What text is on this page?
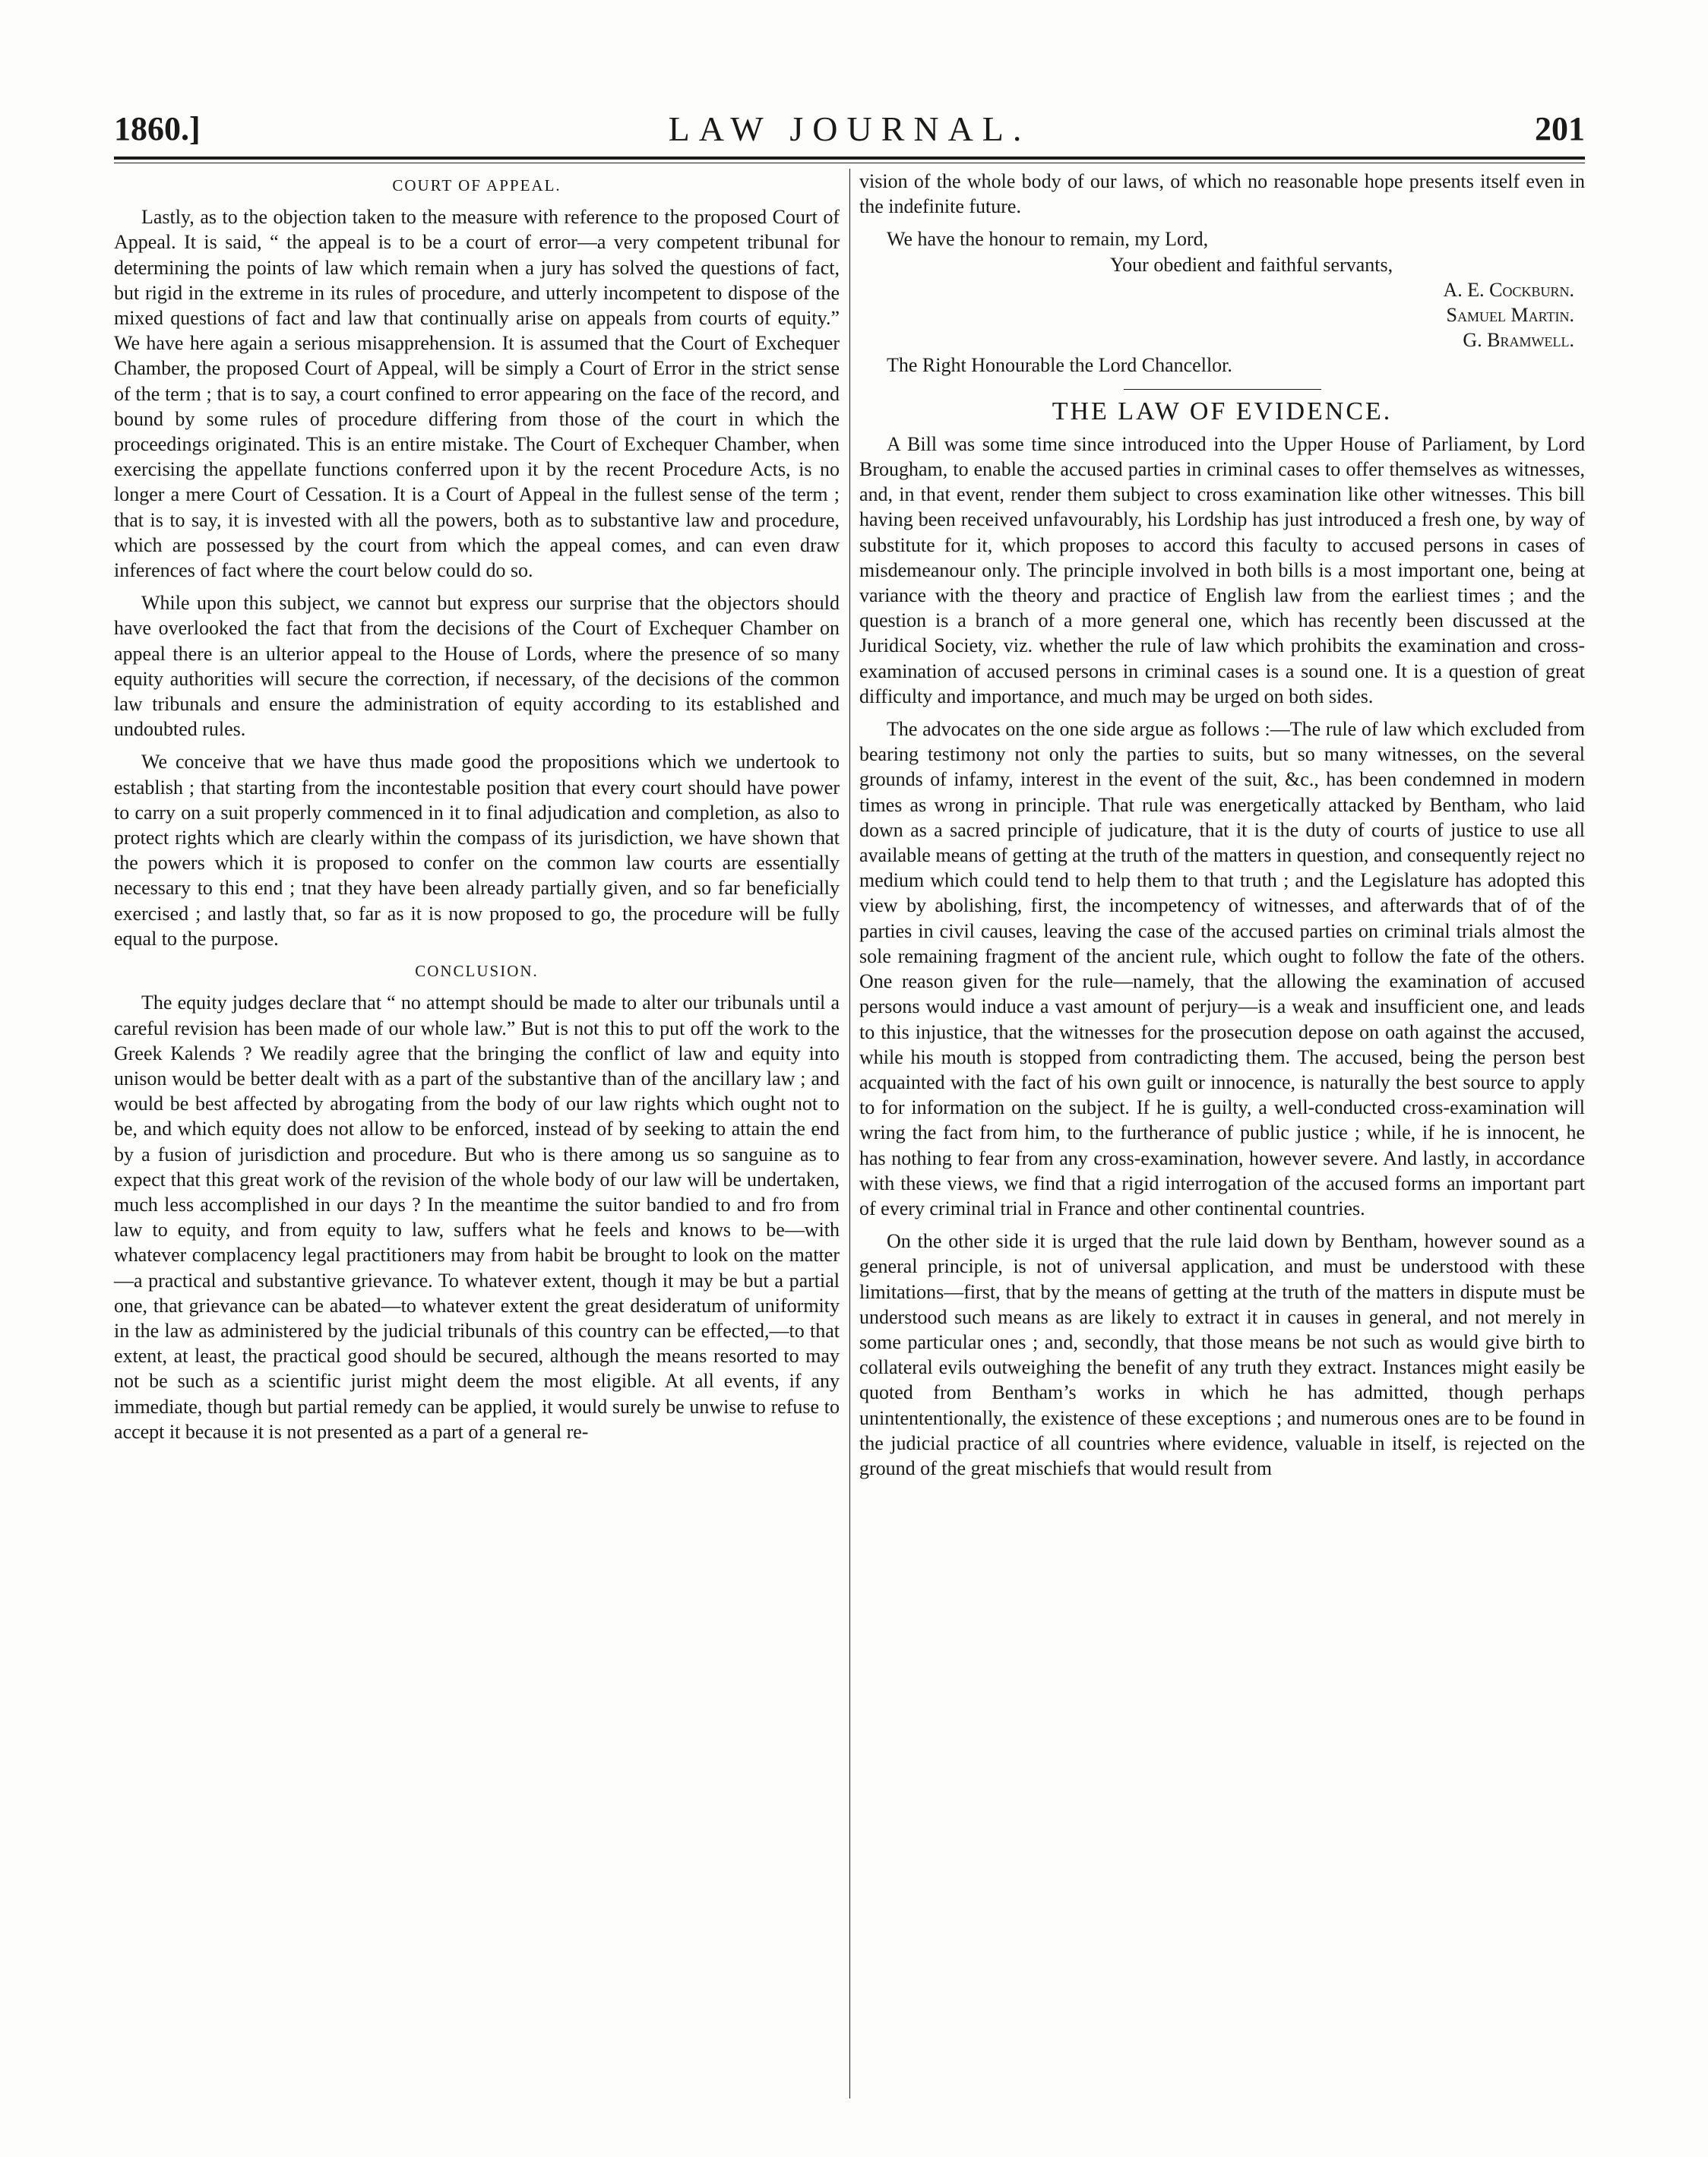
1860.]	LAW JOURNAL.	201
COURT OF APPEAL.

Lastly, as to the objection taken to the measure with reference to the proposed Court of Appeal. It is said, “ the appeal is to be a court of error—a very competent tribunal for determining the points of law which remain when a jury has solved the questions of fact, but rigid in the extreme in its rules of procedure, and utterly incompetent to dispose of the mixed questions of fact and law that continually arise on appeals from courts of equity.” We have here again a serious misapprehension. It is assumed that the Court of Exchequer Chamber, the proposed Court of Appeal, will be simply a Court of Error in the strict sense of the term ; that is to say, a court confined to error appearing on the face of the record, and bound by some rules of procedure differing from those of the court in which the proceedings originated. This is an entire mistake. The Court of Exchequer Chamber, when exercising the appellate functions conferred upon it by the recent Procedure Acts, is no longer a mere Court of Cessation. It is a Court of Appeal in the fullest sense of the term ; that is to say, it is invested with all the powers, both as to substantive law and procedure, which are possessed by the court from which the appeal comes, and can even draw inferences of fact where the court below could do so.

While upon this subject, we cannot but express our surprise that the objectors should have overlooked the fact that from the decisions of the Court of Exchequer Chamber on appeal there is an ulterior appeal to the House of Lords, where the presence of so many equity authorities will secure the correction, if necessary, of the decisions of the common law tribunals and ensure the administration of equity according to its established and undoubted rules.

We conceive that we have thus made good the propositions which we undertook to establish ; that starting from the incontestable position that every court should have power to carry on a suit properly commenced in it to final adjudication and completion, as also to protect rights which are clearly within the compass of its jurisdiction, we have shown that the powers which it is proposed to confer on the common law courts are essentially necessary to this end ; tnat they have been already partially given, and so far beneficially exercised ; and lastly that, so far as it is now proposed to go, the procedure will be fully equal to the purpose.

CONCLUSION.

The equity judges declare that “ no attempt should be made to alter our tribunals until a careful revision has been made of our whole law.” But is not this to put off the work to the Greek Kalends ? We readily agree that the bringing the conflict of law and equity into unison would be better dealt with as a part of the substantive than of the ancillary law ; and would be best affected by abrogating from the body of our law rights which ought not to be, and which equity does not allow to be enforced, instead of by seeking to attain the end by a fusion of jurisdiction and procedure. But who is there among us so sanguine as to expect that this great work of the revision of the whole body of our law will be undertaken, much less accomplished in our days ? In the meantime the suitor bandied to and fro from law to equity, and from equity to law, suffers what he feels and knows to be—with whatever complacency legal practitioners may from habit be brought to look on the matter—a practical and substantive grievance. To whatever extent, though it may be but a partial one, that grievance can be abated—to whatever extent the great desideratum of uniformity in the law as administered by the judicial tribunals of this country can be effected,—to that extent, at least, the practical good should be secured, although the means resorted to may not be such as a scientific jurist might deem the most eligible. At all events, if any immediate, though but partial remedy can be applied, it would surely be unwise to refuse to accept it because it is not presented as a part of a general re-

vision of the whole body of our laws, of which no reasonable hope presents itself even in the indefinite future.

We have the honour to remain, my Lord,

Your obedient and faithful servants,

A. E. Cockburn.

Samuel Martin.

G. Bramwell.

The Right Honourable the Lord Chancellor.

THE LAW OF EVIDENCE.

A Bill was some time since introduced into the Upper House of Parliament, by Lord Brougham, to enable the accused parties in criminal cases to offer themselves as witnesses, and, in that event, render them subject to cross examination like other witnesses. This bill having been received unfavourably, his Lordship has just introduced a fresh one, by way of substitute for it, which proposes to accord this faculty to accused persons in cases of misdemeanour only. The principle involved in both bills is a most important one, being at variance with the theory and practice of English law from the earliest times ; and the question is a branch of a more general one, which has recently been discussed at the Juridical Society, viz. whether the rule of law which prohibits the examination and cross-examination of accused persons in criminal cases is a sound one. It is a question of great difficulty and importance, and much may be urged on both sides.

The advocates on the one side argue as follows :—The rule of law which excluded from bearing testimony not only the parties to suits, but so many witnesses, on the several grounds of infamy, interest in the event of the suit, &c., has been condemned in modern times as wrong in principle. That rule was energetically attacked by Bentham, who laid down as a sacred principle of judicature, that it is the duty of courts of justice to use all available means of getting at the truth of the matters in question, and consequently reject no medium which could tend to help them to that truth ; and the Legislature has adopted this view by abolishing, first, the incompetency of witnesses, and afterwards that of of the parties in civil causes, leaving the case of the accused parties on criminal trials almost the sole remaining fragment of the ancient rule, which ought to follow the fate of the others. One reason given for the rule—namely, that the allowing the examination of accused persons would induce a vast amount of perjury—is a weak and insufficient one, and leads to this injustice, that the witnesses for the prosecution depose on oath against the accused, while his mouth is stopped from contradicting them. The accused, being the person best acquainted with the fact of his own guilt or innocence, is naturally the best source to apply to for information on the subject. If he is guilty, a well-conducted cross-examination will wring the fact from him, to the furtherance of public justice ; while, if he is innocent, he has nothing to fear from any cross-examination, however severe. And lastly, in accordance with these views, we find that a rigid interrogation of the accused forms an important part of every criminal trial in France and other continental countries.

On the other side it is urged that the rule laid down by Bentham, however sound as a general principle, is not of universal application, and must be understood with these limitations—first, that by the means of getting at the truth of the matters in dispute must be understood such means as are likely to extract it in causes in general, and not merely in some particular ones ; and, secondly, that those means be not such as would give birth to collateral evils outweighing the benefit of any truth they extract. Instances might easily be quoted from Bentham’s works in which he has admitted, though perhaps unintententionally, the existence of these exceptions ; and numerous ones are to be found in the judicial practice of all countries where evidence, valuable in itself, is rejected on the ground of the great mischiefs that would result from
